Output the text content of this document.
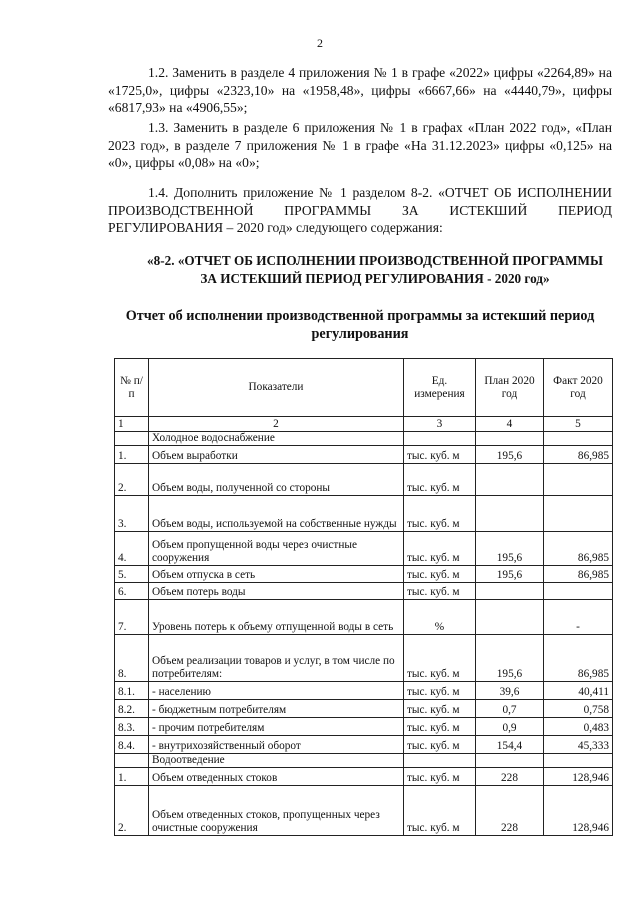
2

1.2. Заменить в разделе 4 приложения № 1 в графе «2022» цифры «2264,89» на «1725,0», цифры «2323,10» на «1958,48», цифры «6667,66» на «4440,79», цифры «6817,93» на «4906,55»;

1.3. Заменить в разделе 6 приложения № 1 в графах «План 2022 год», «План 2023 год», в разделе 7 приложения № 1 в графе «На 31.12.2023» цифры «0,125» на «0», цифры «0,08» на «0»;

1.4. Дополнить приложение № 1 разделом 8-2. «ОТЧЕТ ОБ ИСПОЛНЕНИИ ПРОИЗВОДСТВЕННОЙ ПРОГРАММЫ ЗА ИСТЕКШИЙ ПЕРИОД РЕГУЛИРОВАНИЯ – 2020 год» следующего содержания:

«8-2. «ОТЧЕТ ОБ ИСПОЛНЕНИИ ПРОИЗВОДСТВЕННОЙ ПРОГРАММЫ ЗА ИСТЕКШИЙ ПЕРИОД РЕГУЛИРОВАНИЯ - 2020 год»
Отчет об исполнении производственной программы за истекший период регулирования
№ п/п	Показатели	Ед. измерения	План 2020 год	Факт 2020 год
1	2	3	4	5
	Холодное водоснабжение			
1.	Объем выработки	тыс. куб. м	195,6	86,985
2.	Объем воды, полученной со стороны	тыс. куб. м		
3.	Объем воды, используемой на собственные нужды	тыс. куб. м		
4.	Объем пропущенной воды через очистные сооружения	тыс. куб. м	195,6	86,985
5.	Объем отпуска в сеть	тыс. куб. м	195,6	86,985
6.	Объем потерь воды	тыс. куб. м		
7.	Уровень потерь к объему отпущенной воды в сеть	%		-
8.	Объем реализации товаров и услуг, в том числе по потребителям:	тыс. куб. м	195,6	86,985
8.1.	- населению	тыс. куб. м	39,6	40,411
8.2.	- бюджетным потребителям	тыс. куб. м	0,7	0,758
8.3.	- прочим потребителям	тыс. куб. м	0,9	0,483
8.4.	- внутрихозяйственный оборот	тыс. куб. м	154,4	45,333
	Водоотведение			
1.	Объем отведенных стоков	тыс. куб. м	228	128,946
2.	Объем отведенных стоков, пропущенных через очистные сооружения	тыс. куб. м	228	128,946
